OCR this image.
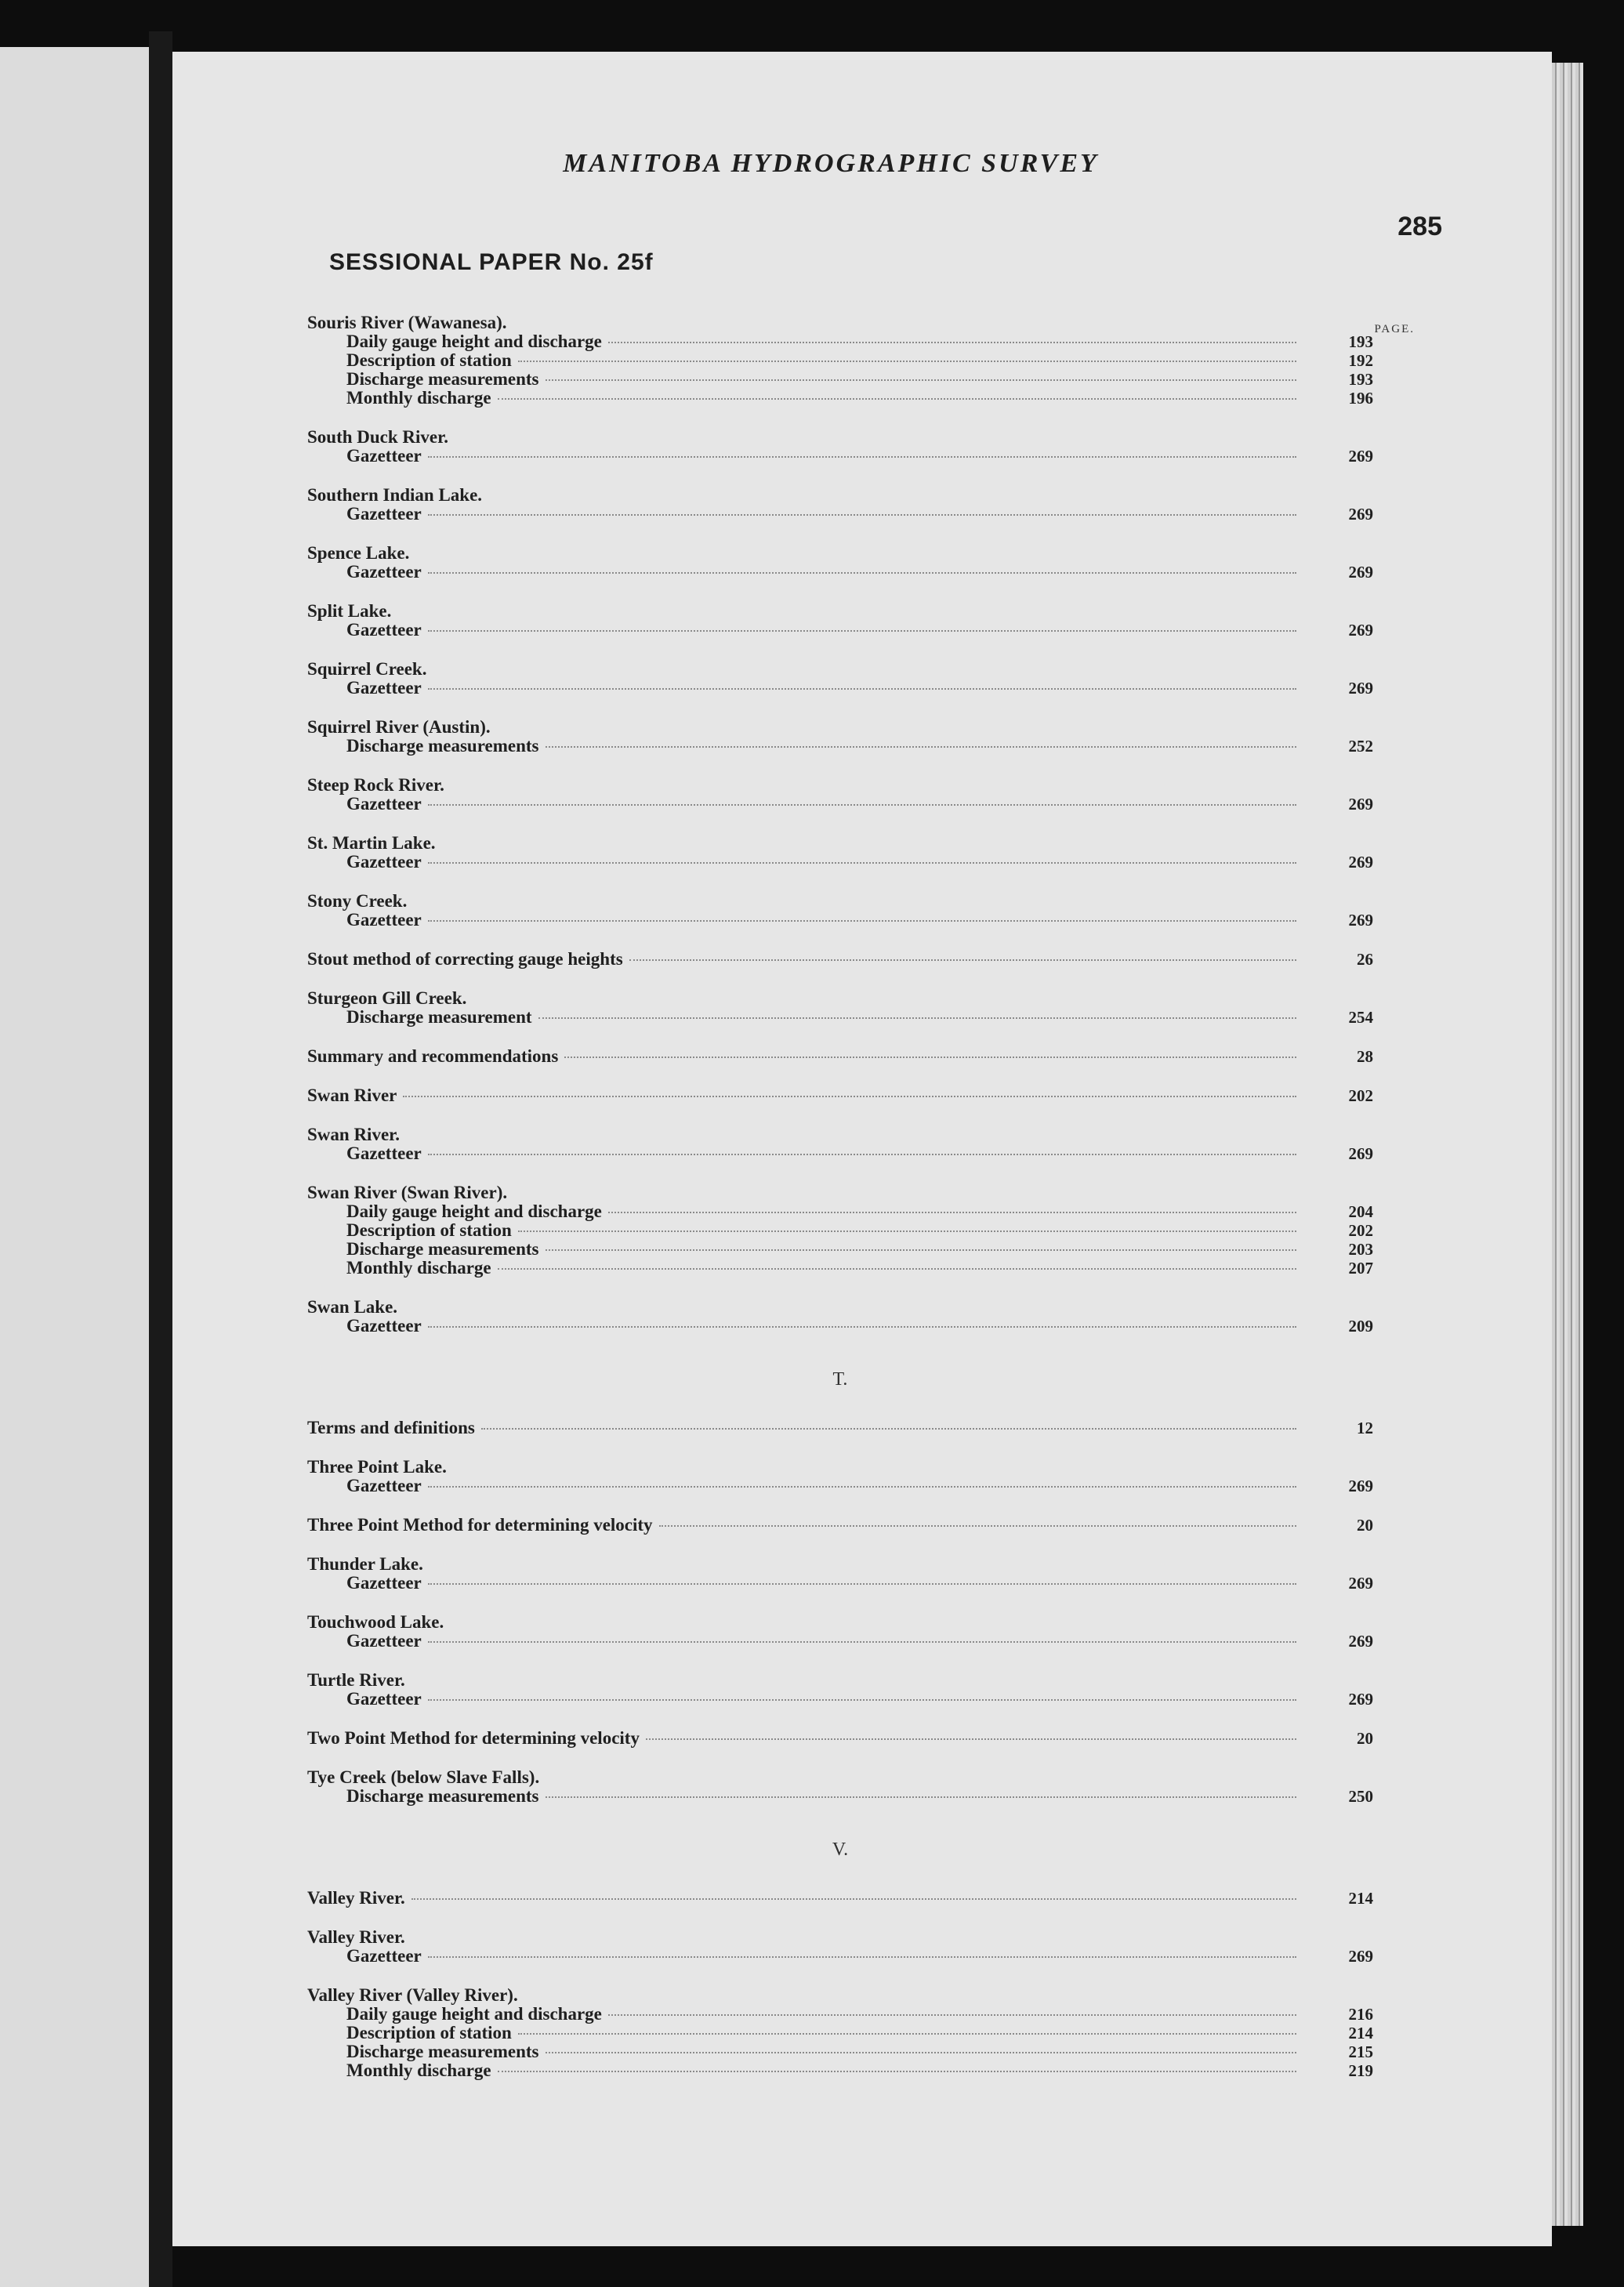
MANITOBA HYDROGRAPHIC SURVEY
285
SESSIONAL PAPER No. 25f
PAGE.
Souris River (Wawanesa).
Daily gauge height and discharge	193
Description of station	192
Discharge measurements	193
Monthly discharge	196
South Duck River.
Gazetteer	269
Southern Indian Lake.
Gazetteer	269
Spence Lake.
Gazetteer	269
Split Lake.
Gazetteer	269
Squirrel Creek.
Gazetteer	269
Squirrel River (Austin).
Discharge measurements	252
Steep Rock River.
Gazetteer	269
St. Martin Lake.
Gazetteer	269
Stony Creek.
Gazetteer	269
Stout method of correcting gauge heights	26
Sturgeon Gill Creek.
Discharge measurement	254
Summary and recommendations	28
Swan River	202
Swan River.
Gazetteer	269
Swan River (Swan River).
Daily gauge height and discharge	204
Description of station	202
Discharge measurements	203
Monthly discharge	207
Swan Lake.
Gazetteer	209
T.
Terms and definitions	12
Three Point Lake.
Gazetteer	269
Three Point Method for determining velocity	20
Thunder Lake.
Gazetteer	269
Touchwood Lake.
Gazetteer	269
Turtle River.
Gazetteer	269
Two Point Method for determining velocity	20
Tye Creek (below Slave Falls).
Discharge measurements	250
V.
Valley River.	214
Valley River.
Gazetteer	269
Valley River (Valley River).
Daily gauge height and discharge	216
Description of station	214
Discharge measurements	215
Monthly discharge	219
